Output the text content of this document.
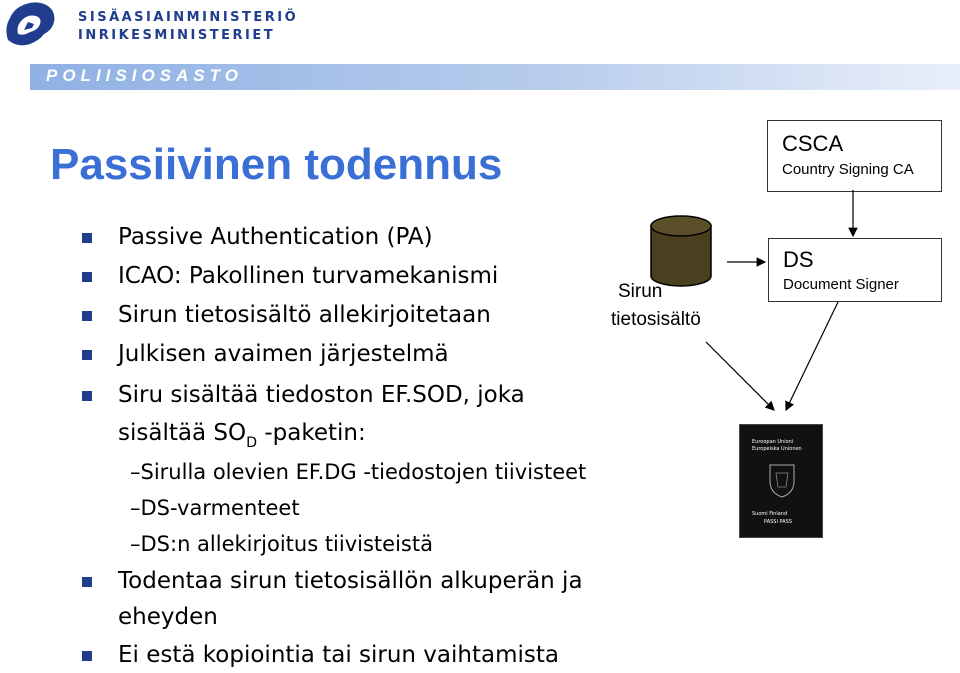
SISÄASIAINMINISTERIÖ
INRIKESMINISTERIET
POLIISIOSASTO
Passiivinen todennus
Passive Authentication (PA)
ICAO: Pakollinen turvamekanismi
Sirun tietosisältö allekirjoitetaan
Julkisen avaimen järjestelmä
Siru sisältää tiedoston EF.SOD, joka
sisältää $SO_D$ -paketin:
–Sirulla olevien EF.DG -tiedostojen tiivisteet
–DS-varmenteet
–DS:n allekirjoitus tiivisteistä
Todentaa sirun tietosisällön alkuperän ja
eheyden
Ei estä kopiointia tai sirun vaihtamista
CSCA
Country Signing CA
DS
Document Signer
Sirun
tietosisältö
Euroopan Unioni
Europeiska Unionen
Suomi Finland
PASSI PASS
